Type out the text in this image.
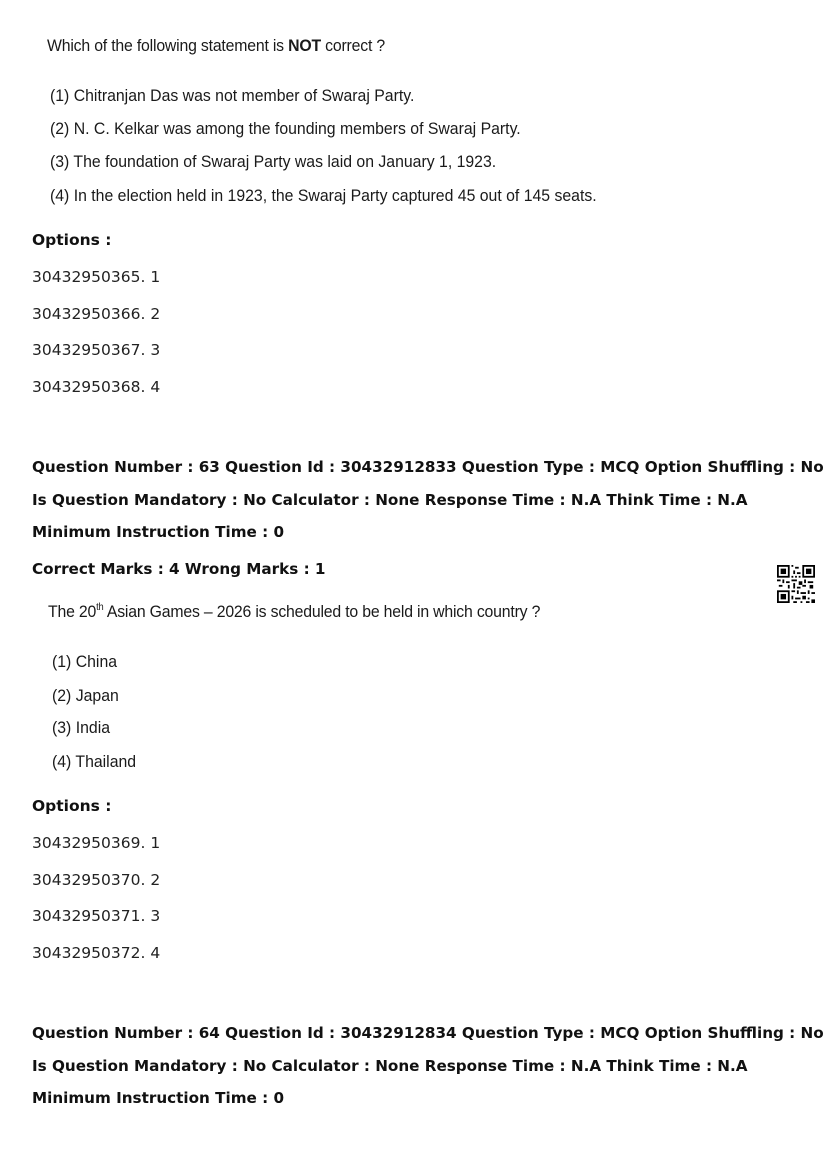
Which of the following statement is NOT correct ?
(1) Chitranjan Das was not member of Swaraj Party.
(2) N. C. Kelkar was among the founding members of Swaraj Party.
(3) The foundation of Swaraj Party was laid on January 1, 1923.
(4) In the election held in 1923, the Swaraj Party captured 45 out of 145 seats.
Options :
30432950365. 1
30432950366. 2
30432950367. 3
30432950368. 4
Question Number : 63 Question Id : 30432912833 Question Type : MCQ Option Shuffling : No
Is Question Mandatory : No Calculator : None Response Time : N.A Think Time : N.A
Minimum Instruction Time : 0
Correct Marks : 4 Wrong Marks : 1
The 20th Asian Games – 2026 is scheduled to be held in which country ?
(1) China
(2) Japan
(3) India
(4) Thailand
Options :
30432950369. 1
30432950370. 2
30432950371. 3
30432950372. 4
Question Number : 64 Question Id : 30432912834 Question Type : MCQ Option Shuffling : No
Is Question Mandatory : No Calculator : None Response Time : N.A Think Time : N.A
Minimum Instruction Time : 0
